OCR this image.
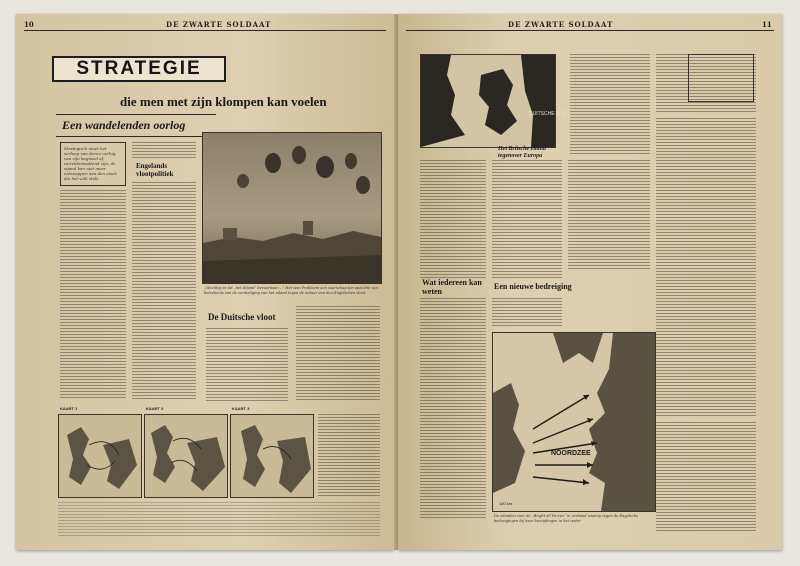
10	DE ZWARTE SOLDAAT
STRATEGIE
die men met zijn klompen kan voelen
Een wandelenden oorlog
Strategisch moet het verloop van dezen oorlog, van zijn beginsel af, wereldomvattend zijn; de vijand kan niet meer ontsnappen aan den eisch die het volk stelt.
Engelands vlootpolitiek
„Mochtig en tot „het Eiland” bevaarbaar....” Het sein Probleem een vaarschap ten opzichte van beteekenis van de verdediging van het eiland tegen de natuur van den Engelschen vloot.
De Duitsche vloot
KAART 1	KAART 2	KAART 3
DE ZWARTE SOLDAAT	11
DUITSCHE RIJK
Het Britsche eiland tegenover Europa
Wat iedereen kan weten
Een nieuwe bedreiging
NOORDZEE
100 km
De eilanden voor de „Bright all Forces” in verband waarop tegen de Engelsche bedreigingen bij haar bevrijdingen in het water
